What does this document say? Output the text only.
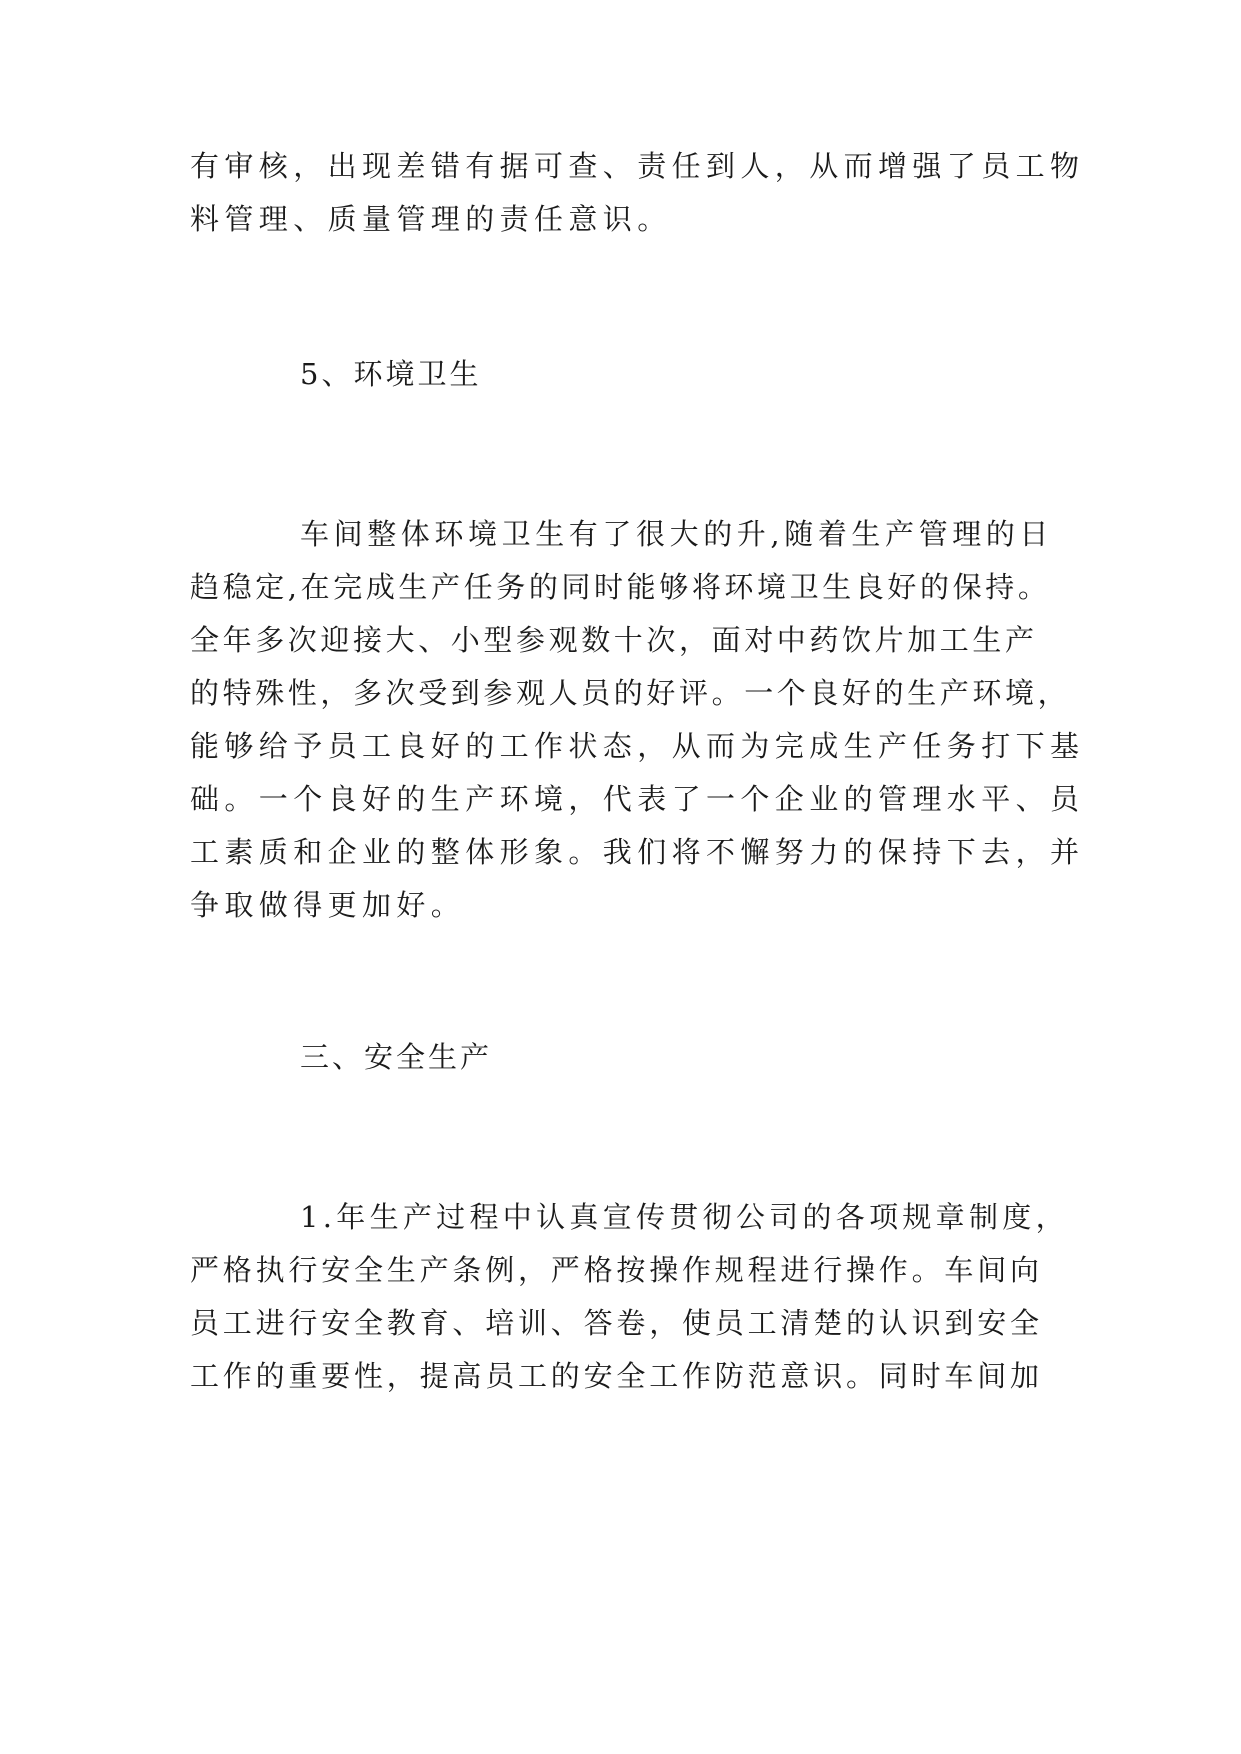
有审核，出现差错有据可查、责任到人，从而增强了员工物
料管理、质量管理的责任意识。
5、环境卫生
车间整体环境卫生有了很大的升,随着生产管理的日
趋稳定,在完成生产任务的同时能够将环境卫生良好的保持。
全年多次迎接大、小型参观数十次，面对中药饮片加工生产
的特殊性，多次受到参观人员的好评。一个良好的生产环境，
能够给予员工良好的工作状态，从而为完成生产任务打下基
础。一个良好的生产环境，代表了一个企业的管理水平、员
工素质和企业的整体形象。我们将不懈努力的保持下去，并
争取做得更加好。
三、安全生产
1.年生产过程中认真宣传贯彻公司的各项规章制度，
严格执行安全生产条例，严格按操作规程进行操作。车间向
员工进行安全教育、培训、答卷，使员工清楚的认识到安全
工作的重要性，提高员工的安全工作防范意识。同时车间加
